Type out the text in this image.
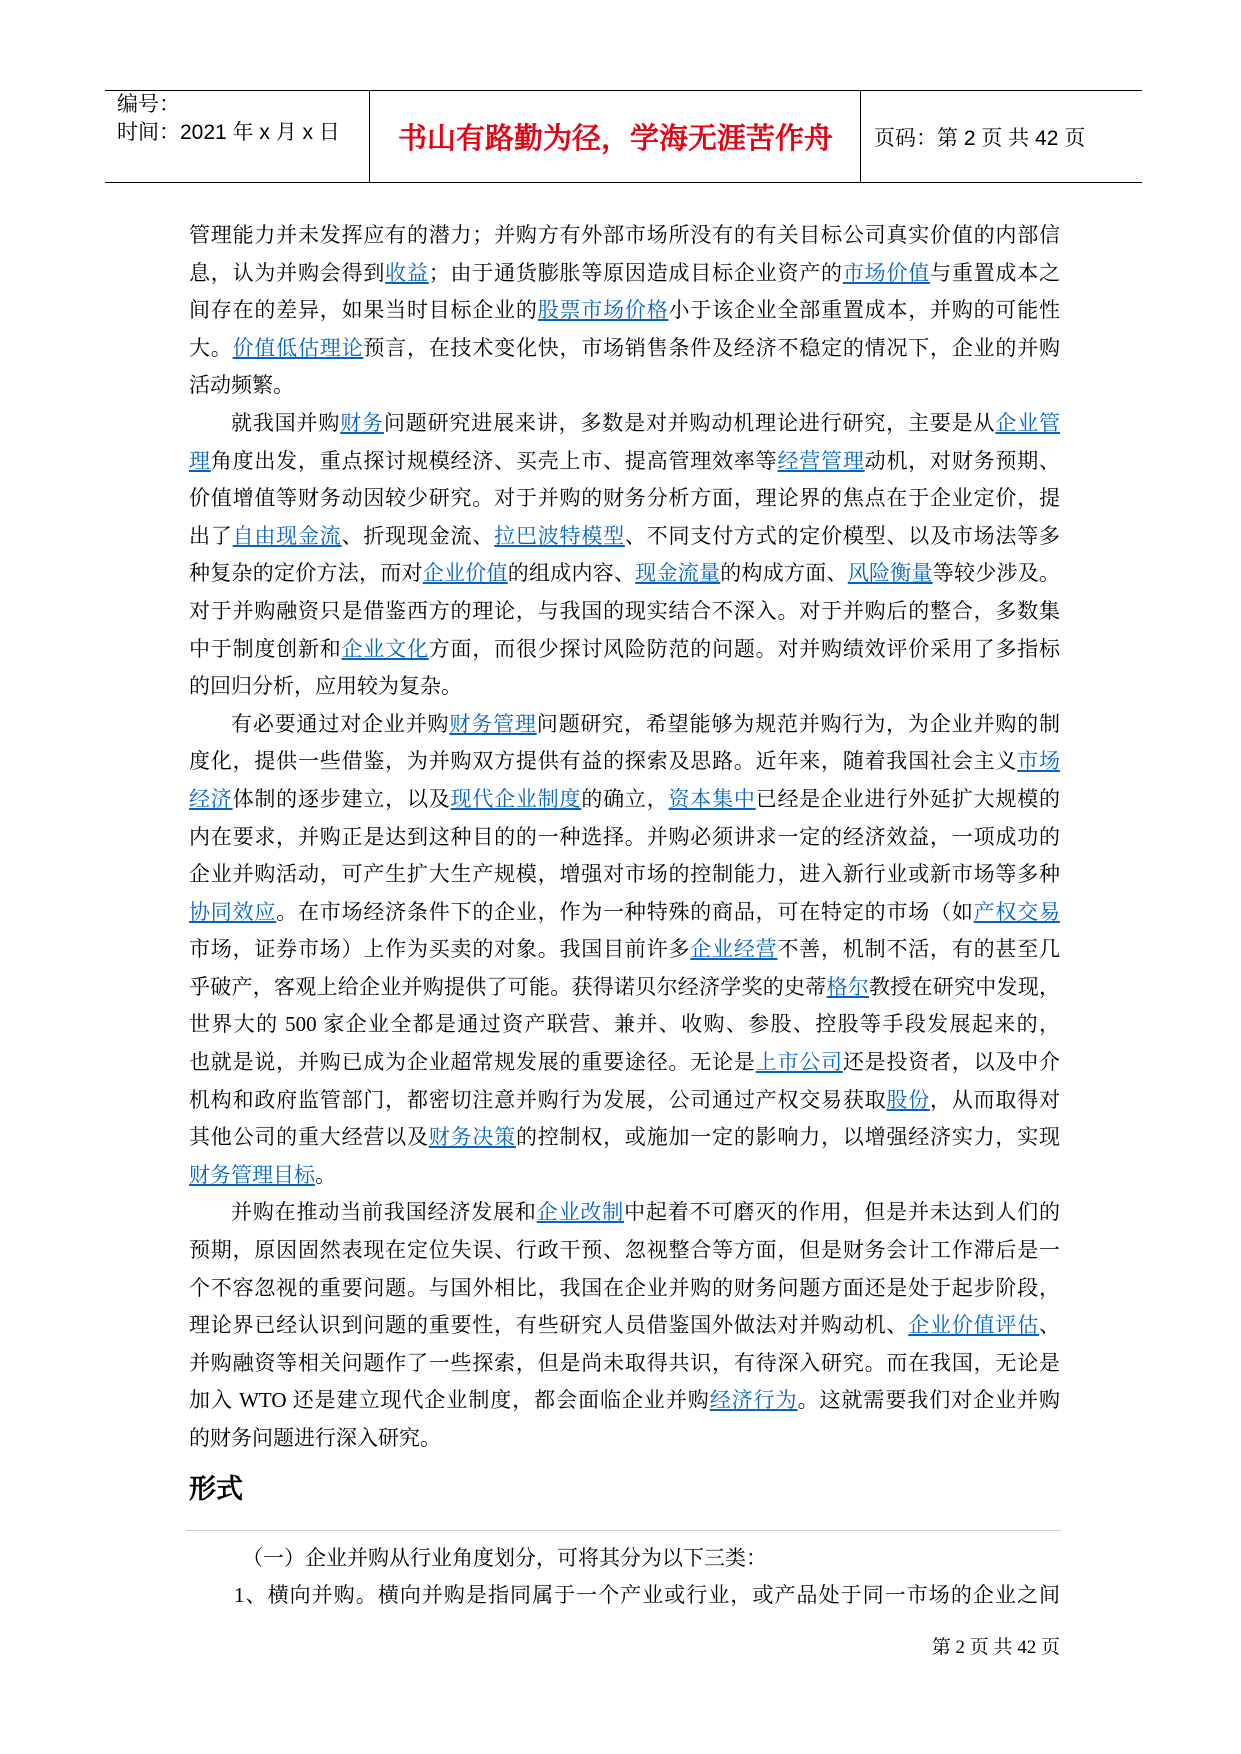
编号：
时间：2021 年 x 月 x 日	书山有路勤为径，学海无涯苦作舟	页码：第 2 页 共 42 页
管理能力并未发挥应有的潜力；并购方有外部市场所没有的有关目标公司真实价值的内部信
息，认为并购会得到收益；由于通货膨胀等原因造成目标企业资产的市场价值与重置成本之
间存在的差异，如果当时目标企业的股票市场价格小于该企业全部重置成本，并购的可能性
大。价值低估理论预言，在技术变化快，市场销售条件及经济不稳定的情况下，企业的并购
活动频繁。
就我国并购财务问题研究进展来讲，多数是对并购动机理论进行研究，主要是从企业管
理角度出发，重点探讨规模经济、买壳上市、提高管理效率等经营管理动机，对财务预期、
价值增值等财务动因较少研究。对于并购的财务分析方面，理论界的焦点在于企业定价，提
出了自由现金流、折现现金流、拉巴波特模型、不同支付方式的定价模型、以及市场法等多
种复杂的定价方法，而对企业价值的组成内容、现金流量的构成方面、风险衡量等较少涉及。
对于并购融资只是借鉴西方的理论，与我国的现实结合不深入。对于并购后的整合，多数集
中于制度创新和企业文化方面，而很少探讨风险防范的问题。对并购绩效评价采用了多指标
的回归分析，应用较为复杂。
有必要通过对企业并购财务管理问题研究，希望能够为规范并购行为，为企业并购的制
度化，提供一些借鉴，为并购双方提供有益的探索及思路。近年来，随着我国社会主义市场
经济体制的逐步建立，以及现代企业制度的确立，资本集中已经是企业进行外延扩大规模的
内在要求，并购正是达到这种目的的一种选择。并购必须讲求一定的经济效益，一项成功的
企业并购活动，可产生扩大生产规模，增强对市场的控制能力，进入新行业或新市场等多种
协同效应。在市场经济条件下的企业，作为一种特殊的商品，可在特定的市场（如产权交易
市场，证券市场）上作为买卖的对象。我国目前许多企业经营不善，机制不活，有的甚至几
乎破产，客观上给企业并购提供了可能。获得诺贝尔经济学奖的史蒂格尔教授在研究中发现，
世界大的 500 家企业全都是通过资产联营、兼并、收购、参股、控股等手段发展起来的，
也就是说，并购已成为企业超常规发展的重要途径。无论是上市公司还是投资者，以及中介
机构和政府监管部门，都密切注意并购行为发展，公司通过产权交易获取股份，从而取得对
其他公司的重大经营以及财务决策的控制权，或施加一定的影响力，以增强经济实力，实现
财务管理目标。
并购在推动当前我国经济发展和企业改制中起着不可磨灭的作用，但是并未达到人们的
预期，原因固然表现在定位失误、行政干预、忽视整合等方面，但是财务会计工作滞后是一
个不容忽视的重要问题。与国外相比，我国在企业并购的财务问题方面还是处于起步阶段，
理论界已经认识到问题的重要性，有些研究人员借鉴国外做法对并购动机、企业价值评估、
并购融资等相关问题作了一些探索，但是尚未取得共识，有待深入研究。而在我国，无论是
加入 WTO 还是建立现代企业制度，都会面临企业并购经济行为。这就需要我们对企业并购
的财务问题进行深入研究。
形式
（一）企业并购从行业角度划分，可将其分为以下三类：
1、横向并购。横向并购是指同属于一个产业或行业，或产品处于同一市场的企业之间
第 2 页 共 42 页
